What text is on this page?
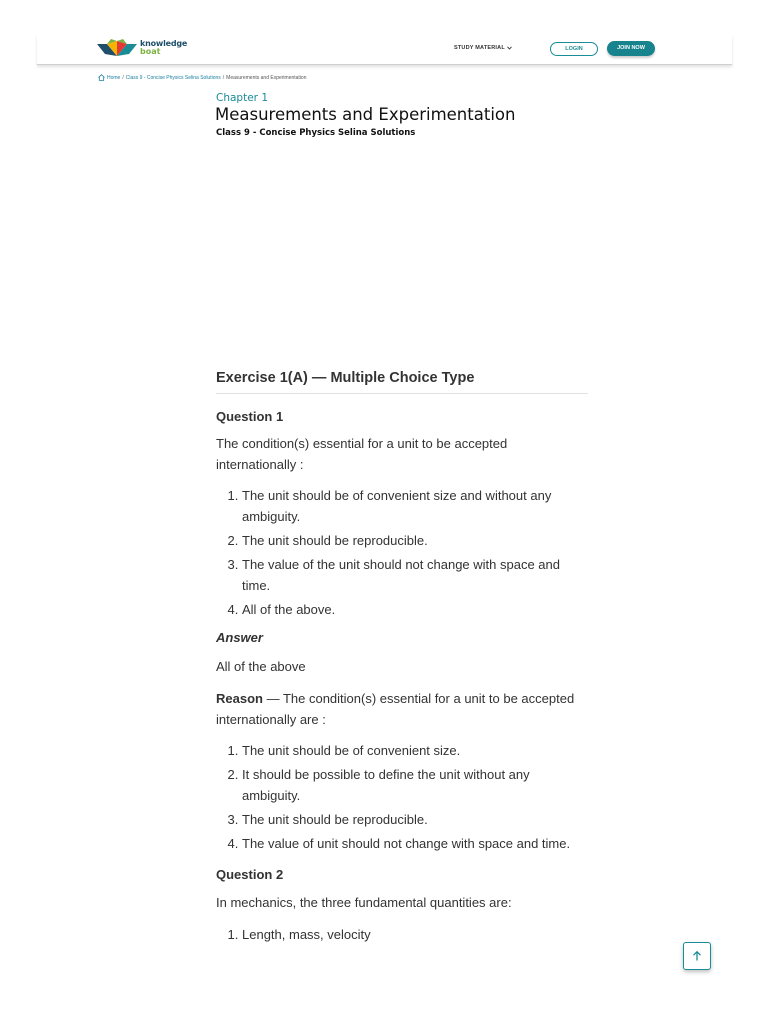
knowledge
boat	STUDY MATERIAL	LOGIN	JOIN NOW
Home / Class 9 - Concise Physics Selina Solutions / Measurements and Experimentation
Chapter 1
Measurements and Experimentation
Class 9 - Concise Physics Selina Solutions
Exercise 1(A) — Multiple Choice Type
Question 1

The condition(s) essential for a unit to be accepted internationally :

1. The unit should be of convenient size and without any ambiguity.
2. The unit should be reproducible.
3. The value of the unit should not change with space and time.
4. All of the above.
Answer

All of the above

Reason — The condition(s) essential for a unit to be accepted internationally are :

1. The unit should be of convenient size.
2. It should be possible to define the unit without any ambiguity.
3. The unit should be reproducible.
4. The value of unit should not change with space and time.
Question 2

In mechanics, the three fundamental quantities are:

1. Length, mass, velocity
